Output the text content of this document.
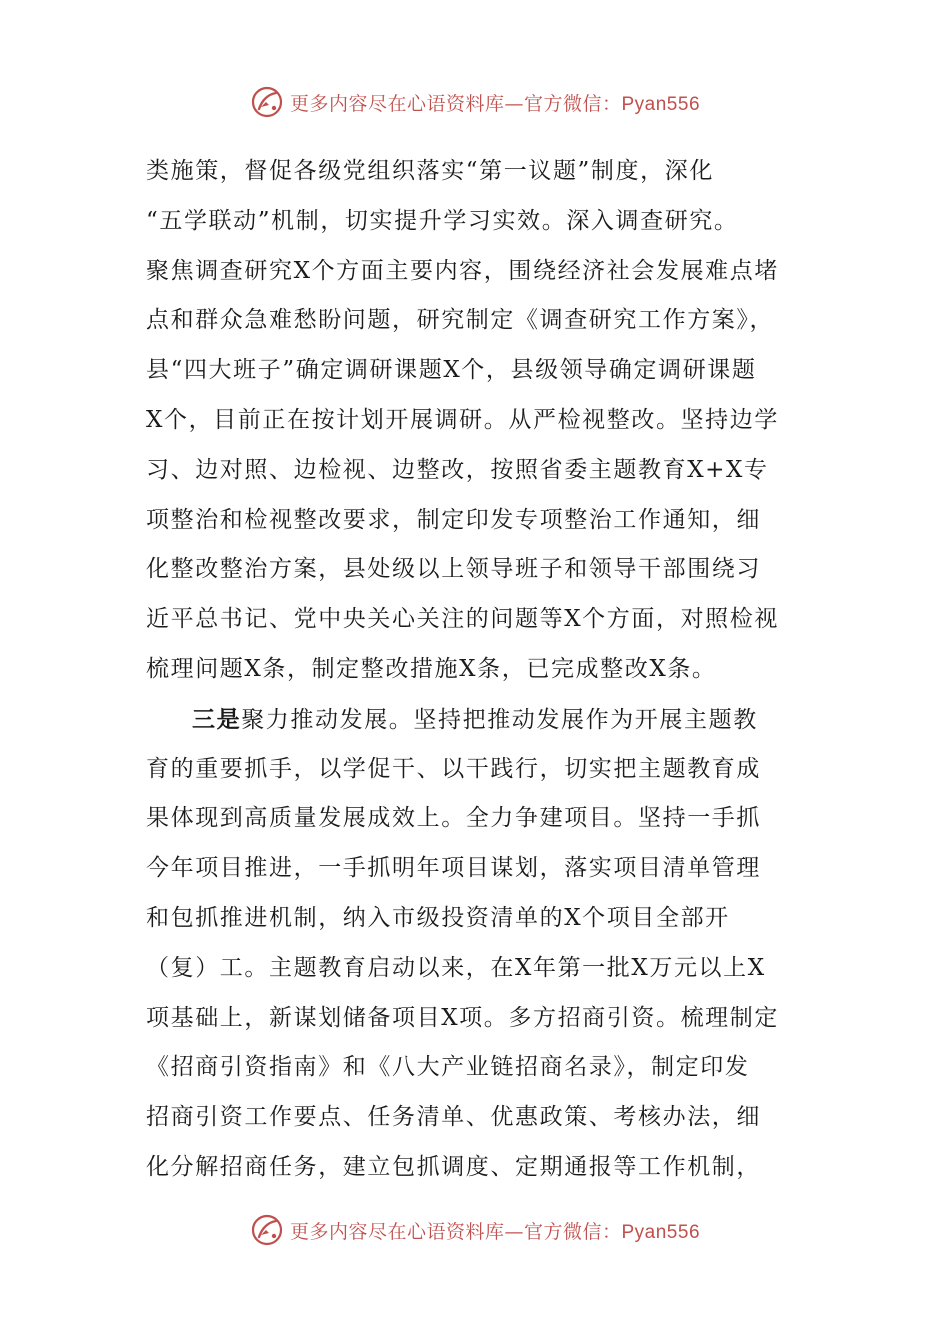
更多内容尽在心语资料库—官方微信：Pyan556
类施策，督促各级党组织落实“第一议题”制度，深化
“五学联动”机制，切实提升学习实效。深入调查研究。
聚焦调查研究X个方面主要内容，围绕经济社会发展难点堵
点和群众急难愁盼问题，研究制定《调查研究工作方案》，
县“四大班子”确定调研课题X个，县级领导确定调研课题
X个，目前正在按计划开展调研。从严检视整改。坚持边学
习、边对照、边检视、边整改，按照省委主题教育X+X专
项整治和检视整改要求，制定印发专项整治工作通知，细
化整改整治方案，县处级以上领导班子和领导干部围绕习
近平总书记、党中央关心关注的问题等X个方面，对照检视
梳理问题X条，制定整改措施X条，已完成整改X条。
三是聚力推动发展。坚持把推动发展作为开展主题教
育的重要抓手，以学促干、以干践行，切实把主题教育成
果体现到高质量发展成效上。全力争建项目。坚持一手抓
今年项目推进，一手抓明年项目谋划，落实项目清单管理
和包抓推进机制，纳入市级投资清单的X个项目全部开
（复）工。主题教育启动以来，在X年第一批X万元以上X
项基础上，新谋划储备项目X项。多方招商引资。梳理制定
《招商引资指南》和《八大产业链招商名录》，制定印发
招商引资工作要点、任务清单、优惠政策、考核办法，细
化分解招商任务，建立包抓调度、定期通报等工作机制，
更多内容尽在心语资料库—官方微信：Pyan556
